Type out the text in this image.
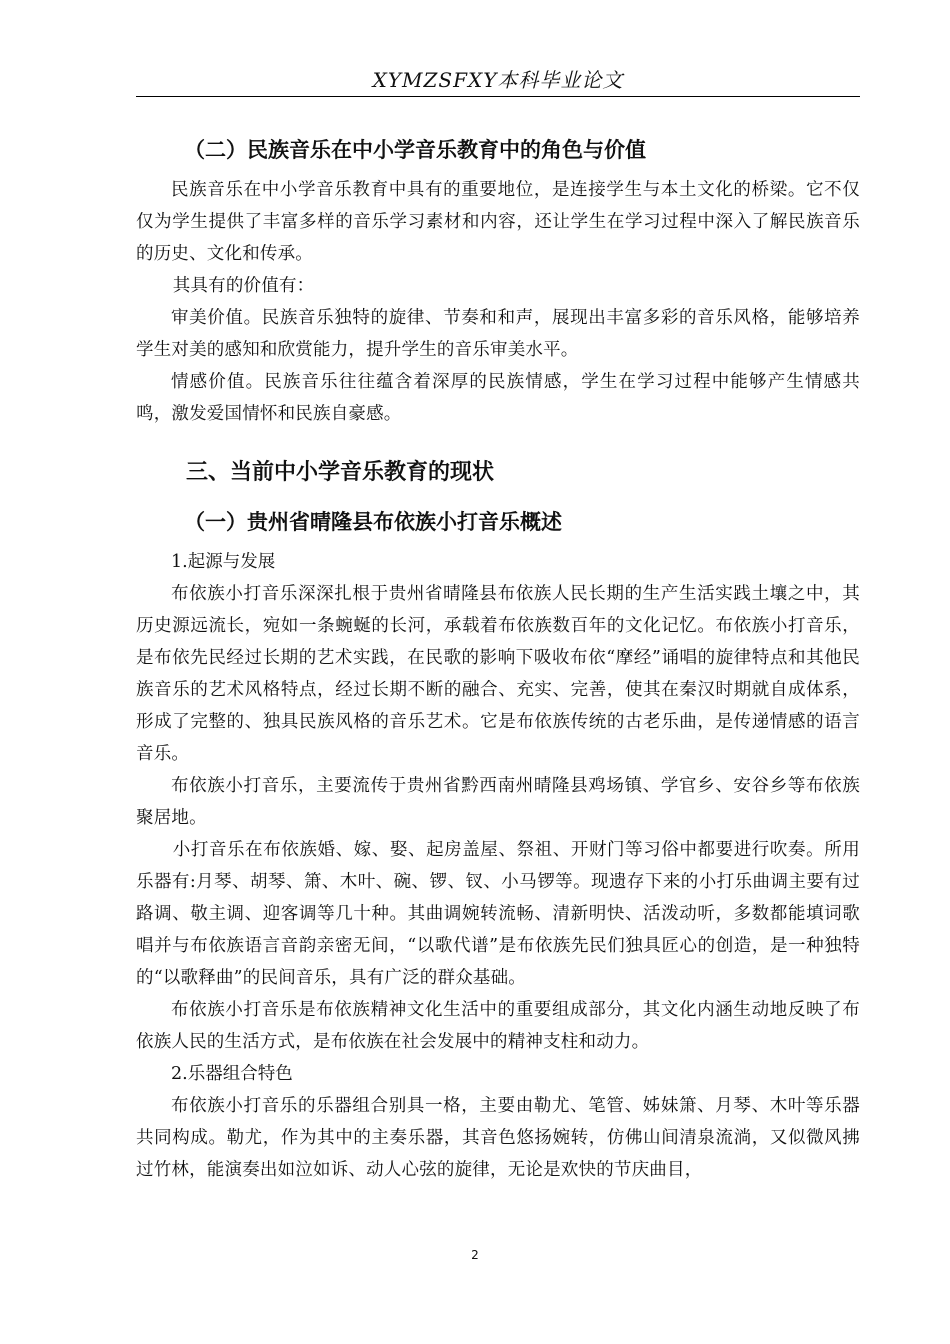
XYMZSFXY本科毕业论文
（二）民族音乐在中小学音乐教育中的角色与价值

民族音乐在中小学音乐教育中具有的重要地位，是连接学生与本土文化的桥梁。它不仅仅为学生提供了丰富多样的音乐学习素材和内容，还让学生在学习过程中深入了解民族音乐的历史、文化和传承。

其具有的价值有：

审美价值。民族音乐独特的旋律、节奏和和声，展现出丰富多彩的音乐风格，能够培养学生对美的感知和欣赏能力，提升学生的音乐审美水平。

情感价值。民族音乐往往蕴含着深厚的民族情感，学生在学习过程中能够产生情感共鸣，激发爱国情怀和民族自豪感。

三、当前中小学音乐教育的现状
（一）贵州省晴隆县布依族小打音乐概述

1.起源与发展

布依族小打音乐深深扎根于贵州省晴隆县布依族人民长期的生产生活实践土壤之中，其历史源远流长，宛如一条蜿蜒的长河，承载着布依族数百年的文化记忆。布依族小打音乐，是布依先民经过长期的艺术实践，在民歌的影响下吸收布依“摩经”诵唱的旋律特点和其他民族音乐的艺术风格特点，经过长期不断的融合、充实、完善，使其在秦汉时期就自成体系，形成了完整的、独具民族风格的音乐艺术。它是布依族传统的古老乐曲，是传递情感的语言音乐。

布依族小打音乐，主要流传于贵州省黔西南州晴隆县鸡场镇、学官乡、安谷乡等布依族聚居地。

小打音乐在布依族婚、嫁、娶、起房盖屋、祭祖、开财门等习俗中都要进行吹奏。所用乐器有:月琴、胡琴、箫、木叶、碗、锣、钗、小马锣等。现遗存下来的小打乐曲调主要有过路调、敬主调、迎客调等几十种。其曲调婉转流畅、清新明快、活泼动听，多数都能填词歌唱并与布依族语言音韵亲密无间，“以歌代谱”是布依族先民们独具匠心的创造，是一种独特的“以歌释曲”的民间音乐，具有广泛的群众基础。

布依族小打音乐是布依族精神文化生活中的重要组成部分，其文化内涵生动地反映了布依族人民的生活方式，是布依族在社会发展中的精神支柱和动力。

2.乐器组合特色

布依族小打音乐的乐器组合别具一格，主要由勒尤、笔管、姊妹箫、月琴、木叶等乐器共同构成。勒尤，作为其中的主奏乐器，其音色悠扬婉转，仿佛山间清泉流淌，又似微风拂过竹林，能演奏出如泣如诉、动人心弦的旋律，无论是欢快的节庆曲目，

2
